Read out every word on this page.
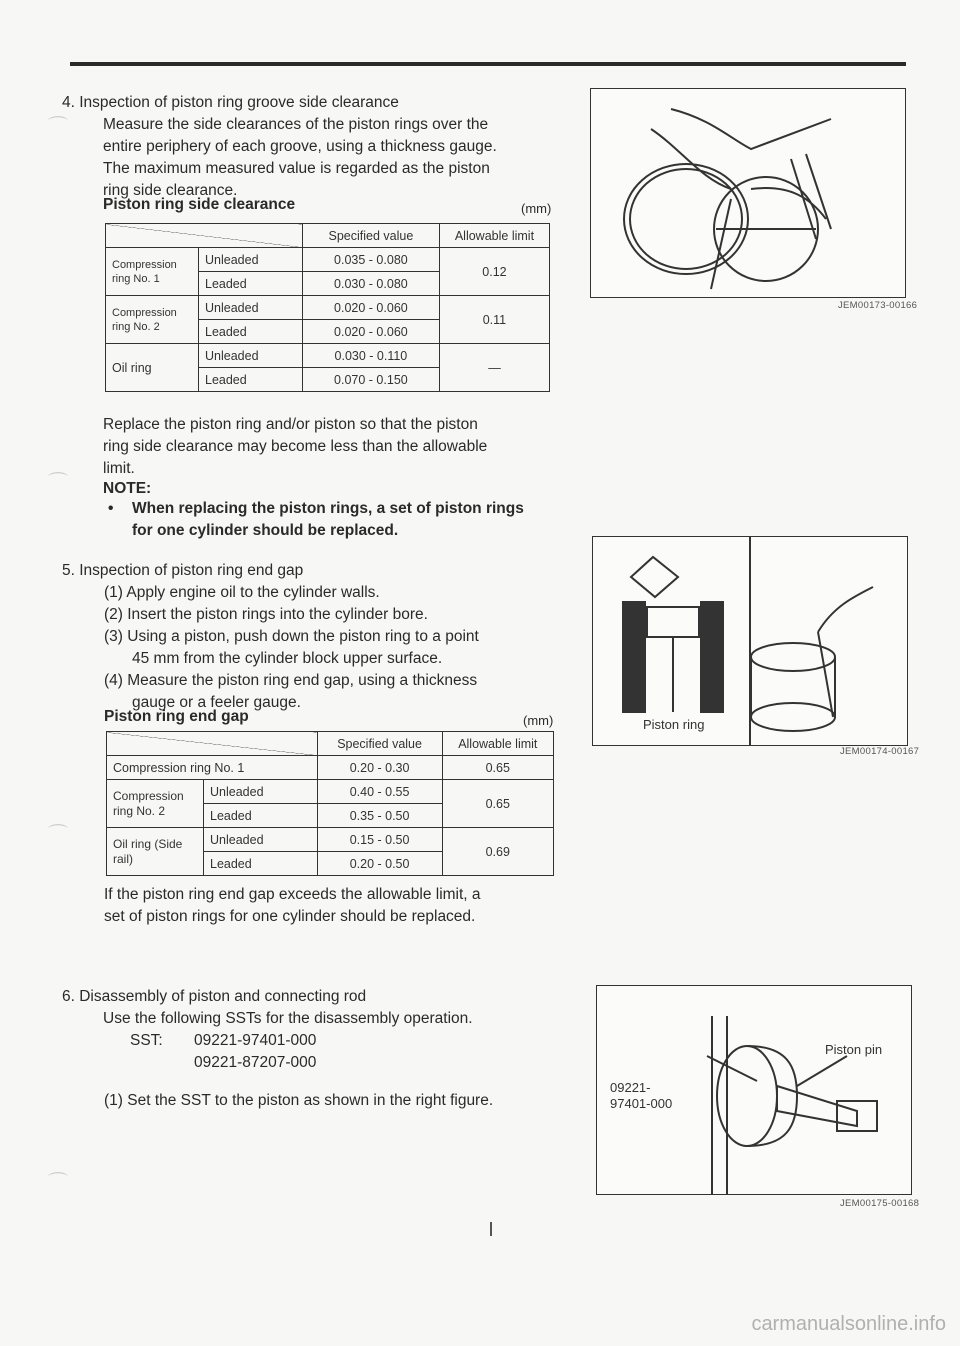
4. Inspection of piston ring groove side clearance
Measure the side clearances of the piston rings over the
entire periphery of each groove, using a thickness gauge.
The maximum measured value is regarded as the piston
ring side clearance.
Piston ring side clearance	(mm)
		Specified value	Allowable limit
Compression ring No. 1	Unleaded	0.035 - 0.080	0.12
	Leaded	0.030 - 0.080	
Compression ring No. 2	Unleaded	0.020 - 0.060	0.11
	Leaded	0.020 - 0.060	
Oil ring	Unleaded	0.030 - 0.110	—
	Leaded	0.070 - 0.150	
Replace the piston ring and/or piston so that the piston
ring side clearance may become less than the allowable
limit.
NOTE:
• When replacing the piston rings, a set of piston rings
for one cylinder should be replaced.
JEM00173-00166
5. Inspection of piston ring end gap
(1) Apply engine oil to the cylinder walls.
(2) Insert the piston rings into the cylinder bore.
(3) Using a piston, push down the piston ring to a point
45 mm from the cylinder block upper surface.
(4) Measure the piston ring end gap, using a thickness
gauge or a feeler gauge.
Piston ring end gap	(mm)
		Specified value	Allowable limit
Compression ring No. 1		0.20 - 0.30	0.65
Compression ring No. 2	Unleaded	0.40 - 0.55	0.65
	Leaded	0.35 - 0.50	
Oil ring (Side rail)	Unleaded	0.15 - 0.50	0.69
	Leaded	0.20 - 0.50	
If the piston ring end gap exceeds the allowable limit, a
set of piston rings for one cylinder should be replaced.
Piston ring
JEM00174-00167
6. Disassembly of piston and connecting rod
Use the following SSTs for the disassembly operation.
SST: 09221-97401-000
09221-87207-000
(1) Set the SST to the piston as shown in the right figure.
Piston pin
09221-
97401-000
JEM00175-00168
⌒
⌒
⌒
⌒
carmanualsonline.info
